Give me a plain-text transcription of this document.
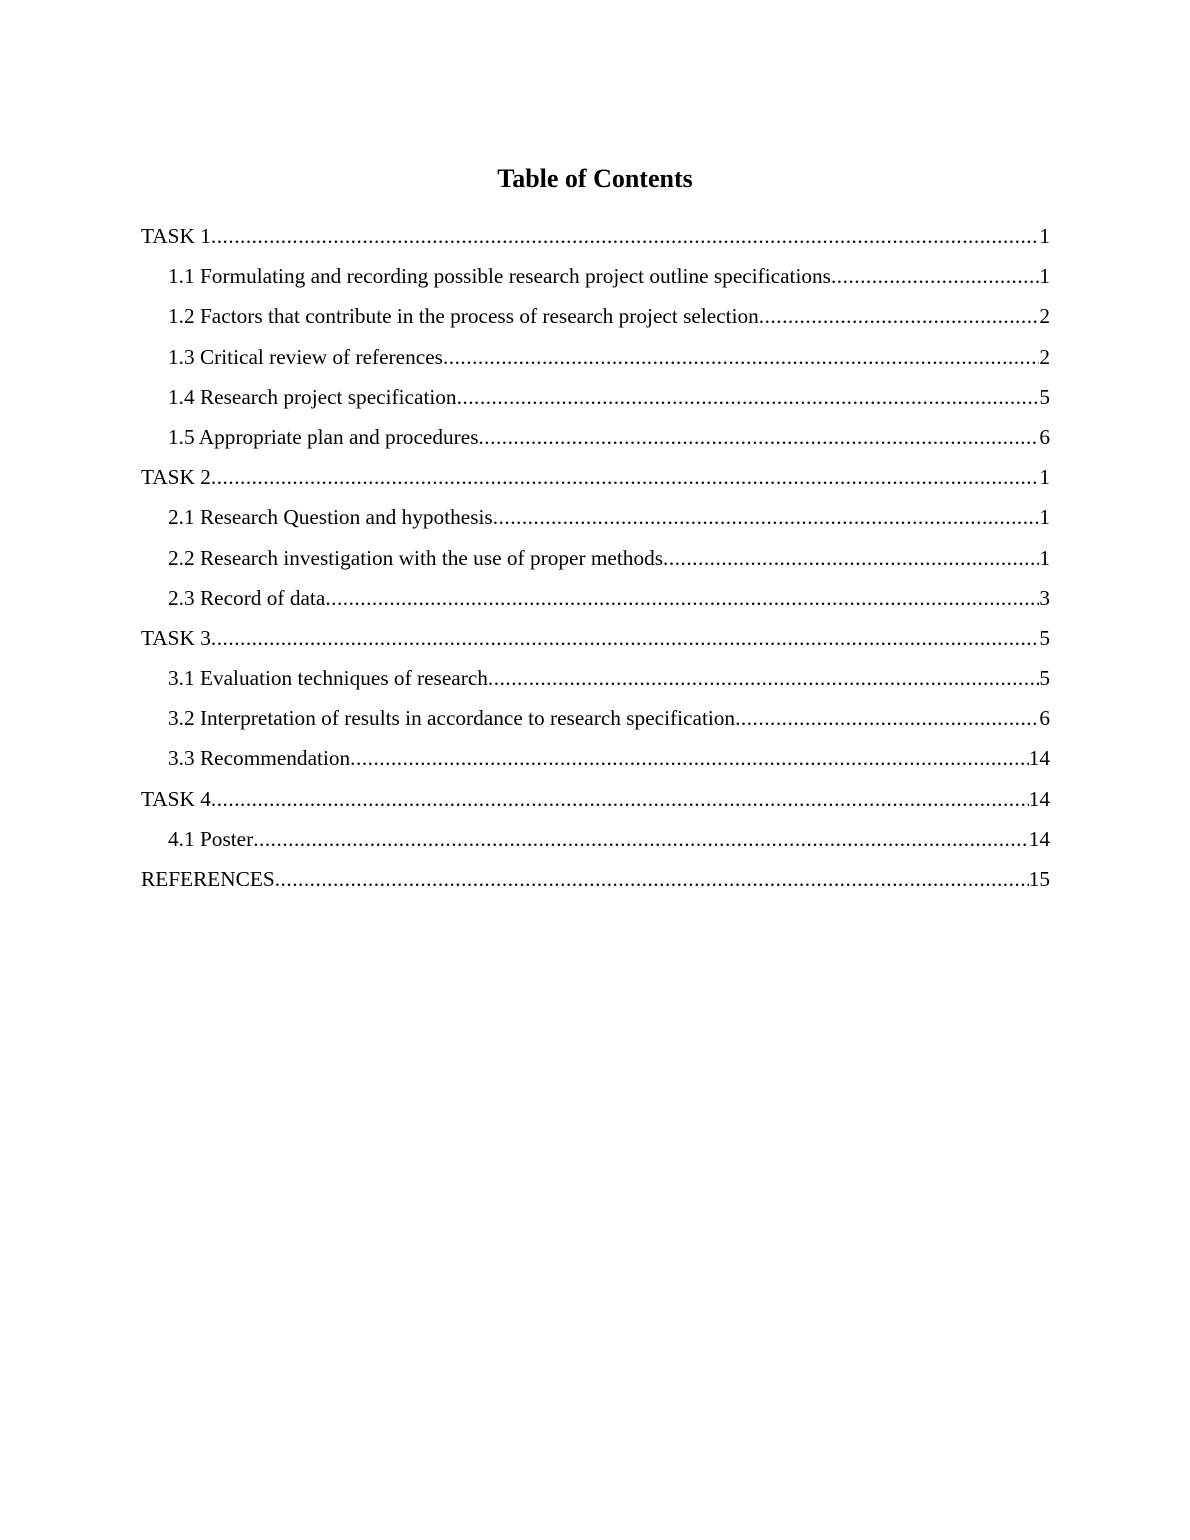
Table of Contents
TASK 1 .....	1
1.1 Formulating and recording possible research project outline specifications .....	1
1.2 Factors that contribute in the process of research project selection .....	2
1.3 Critical review of references .....	2
1.4 Research project specification .....	5
1.5 Appropriate plan and procedures .....	6
TASK 2 .....	1
2.1 Research Question and hypothesis .....	1
2.2 Research investigation with the use of proper methods .....	1
2.3 Record of data .....	3
TASK 3 .....	5
3.1 Evaluation techniques of research .....	5
3.2 Interpretation of results in accordance to research specification .....	6
3.3 Recommendation .....	14
TASK 4 .....	14
4.1 Poster .....	14
REFERENCES .....	15
